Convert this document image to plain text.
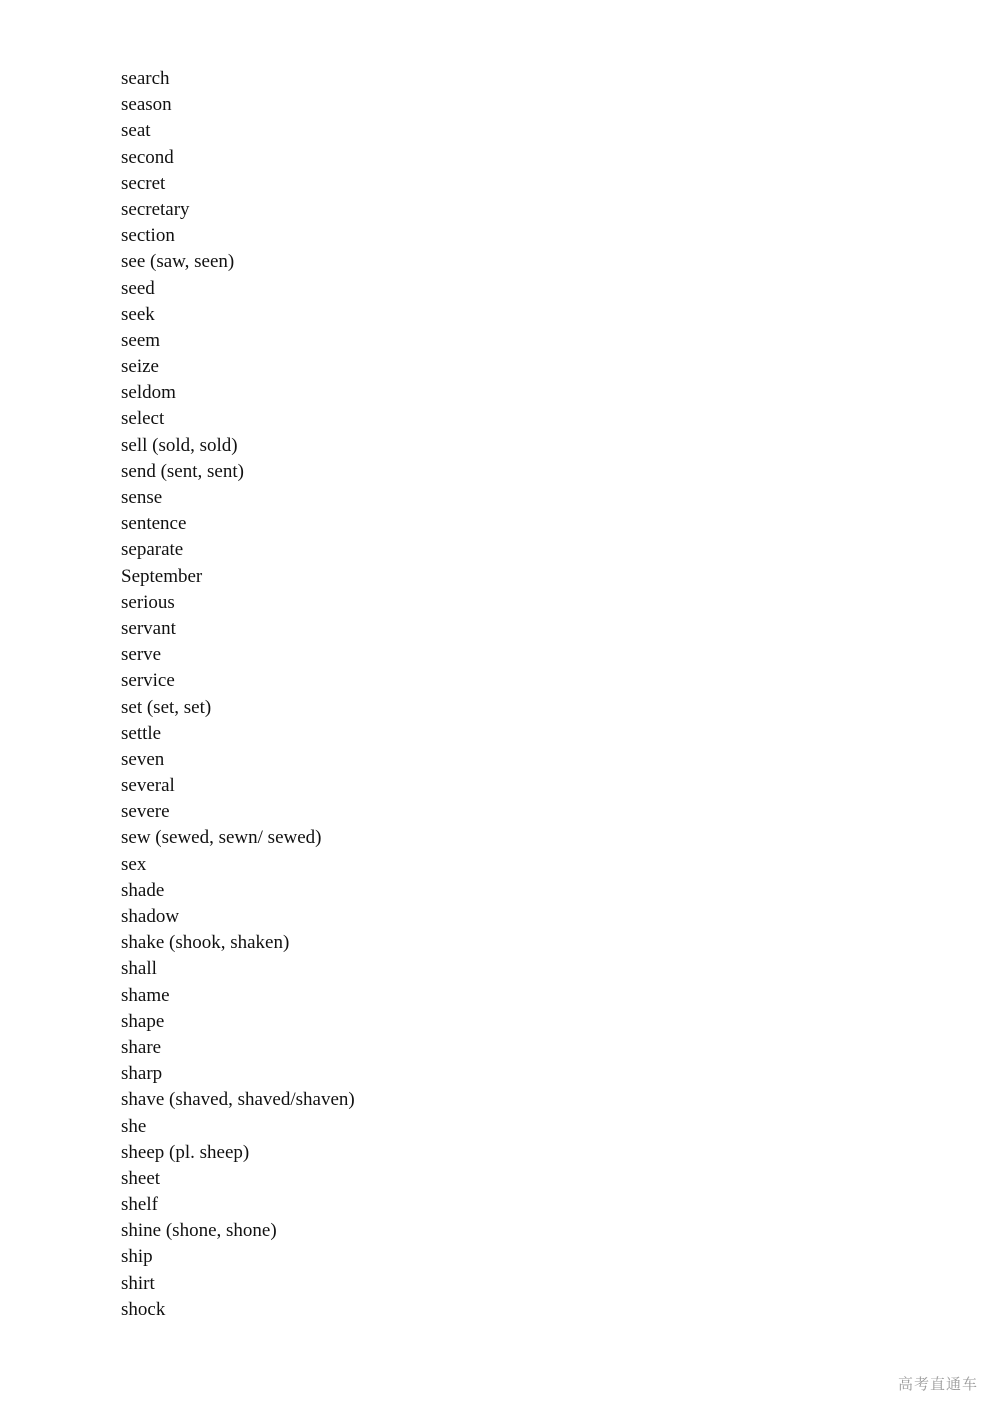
search
season
seat
second
secret
secretary
section
see (saw, seen)
seed
seek
seem
seize
seldom
select
sell (sold, sold)
send (sent, sent)
sense
sentence
separate
September
serious
servant
serve
service
set (set, set)
settle
seven
several
severe
sew (sewed, sewn/ sewed)
sex
shade
shadow
shake (shook, shaken)
shall
shame
shape
share
sharp
shave (shaved, shaved/shaven)
she
sheep (pl. sheep)
sheet
shelf
shine (shone, shone)
ship
shirt
shock
高考直通车
